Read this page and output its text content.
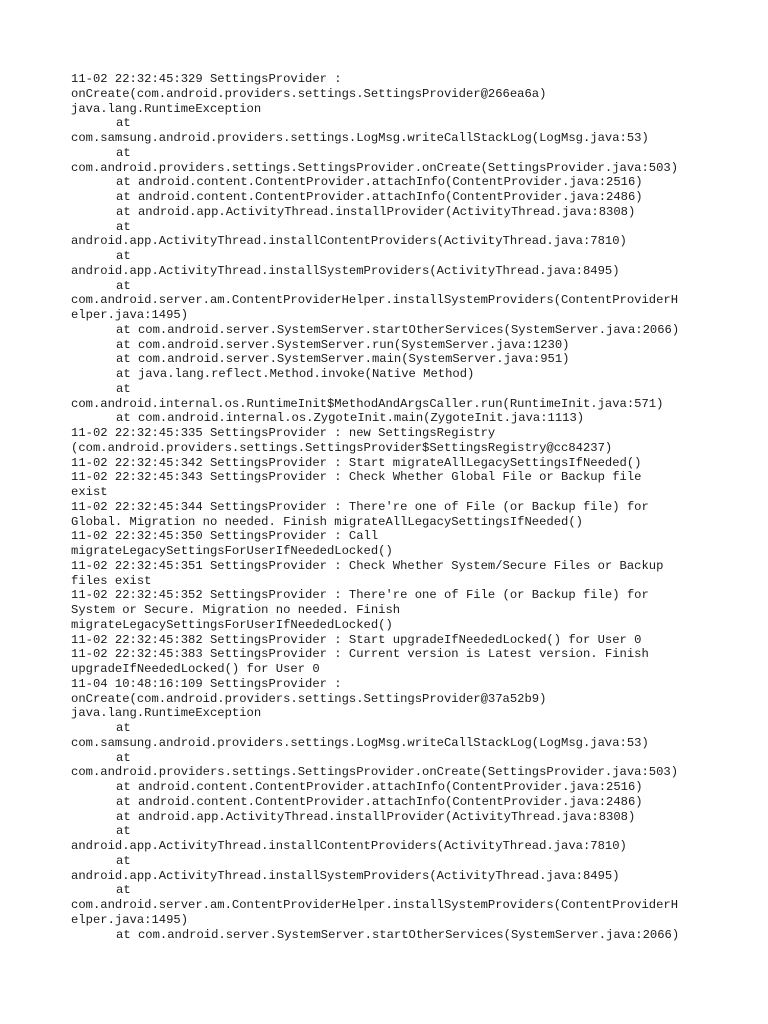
11-02 22:32:45:329 SettingsProvider :
onCreate(com.android.providers.settings.SettingsProvider@266ea6a)
java.lang.RuntimeException
at
com.samsung.android.providers.settings.LogMsg.writeCallStackLog(LogMsg.java:53)
at
com.android.providers.settings.SettingsProvider.onCreate(SettingsProvider.java:503)
at android.content.ContentProvider.attachInfo(ContentProvider.java:2516)
at android.content.ContentProvider.attachInfo(ContentProvider.java:2486)
at android.app.ActivityThread.installProvider(ActivityThread.java:8308)
at
android.app.ActivityThread.installContentProviders(ActivityThread.java:7810)
at
android.app.ActivityThread.installSystemProviders(ActivityThread.java:8495)
at
com.android.server.am.ContentProviderHelper.installSystemProviders(ContentProviderH
elper.java:1495)
at com.android.server.SystemServer.startOtherServices(SystemServer.java:2066)
at com.android.server.SystemServer.run(SystemServer.java:1230)
at com.android.server.SystemServer.main(SystemServer.java:951)
at java.lang.reflect.Method.invoke(Native Method)
at
com.android.internal.os.RuntimeInit$MethodAndArgsCaller.run(RuntimeInit.java:571)
at com.android.internal.os.ZygoteInit.main(ZygoteInit.java:1113)
11-02 22:32:45:335 SettingsProvider : new SettingsRegistry
(com.android.providers.settings.SettingsProvider$SettingsRegistry@cc84237)
11-02 22:32:45:342 SettingsProvider : Start migrateAllLegacySettingsIfNeeded()
11-02 22:32:45:343 SettingsProvider : Check Whether Global File or Backup file
exist
11-02 22:32:45:344 SettingsProvider : There're one of File (or Backup file) for
Global. Migration no needed. Finish migrateAllLegacySettingsIfNeeded()
11-02 22:32:45:350 SettingsProvider : Call
migrateLegacySettingsForUserIfNeededLocked()
11-02 22:32:45:351 SettingsProvider : Check Whether System/Secure Files or Backup
files exist
11-02 22:32:45:352 SettingsProvider : There're one of File (or Backup file) for
System or Secure. Migration no needed. Finish
migrateLegacySettingsForUserIfNeededLocked()
11-02 22:32:45:382 SettingsProvider : Start upgradeIfNeededLocked() for User 0
11-02 22:32:45:383 SettingsProvider : Current version is Latest version. Finish
upgradeIfNeededLocked() for User 0
11-04 10:48:16:109 SettingsProvider :
onCreate(com.android.providers.settings.SettingsProvider@37a52b9)
java.lang.RuntimeException
at
com.samsung.android.providers.settings.LogMsg.writeCallStackLog(LogMsg.java:53)
at
com.android.providers.settings.SettingsProvider.onCreate(SettingsProvider.java:503)
at android.content.ContentProvider.attachInfo(ContentProvider.java:2516)
at android.content.ContentProvider.attachInfo(ContentProvider.java:2486)
at android.app.ActivityThread.installProvider(ActivityThread.java:8308)
at
android.app.ActivityThread.installContentProviders(ActivityThread.java:7810)
at
android.app.ActivityThread.installSystemProviders(ActivityThread.java:8495)
at
com.android.server.am.ContentProviderHelper.installSystemProviders(ContentProviderH
elper.java:1495)
at com.android.server.SystemServer.startOtherServices(SystemServer.java:2066)
